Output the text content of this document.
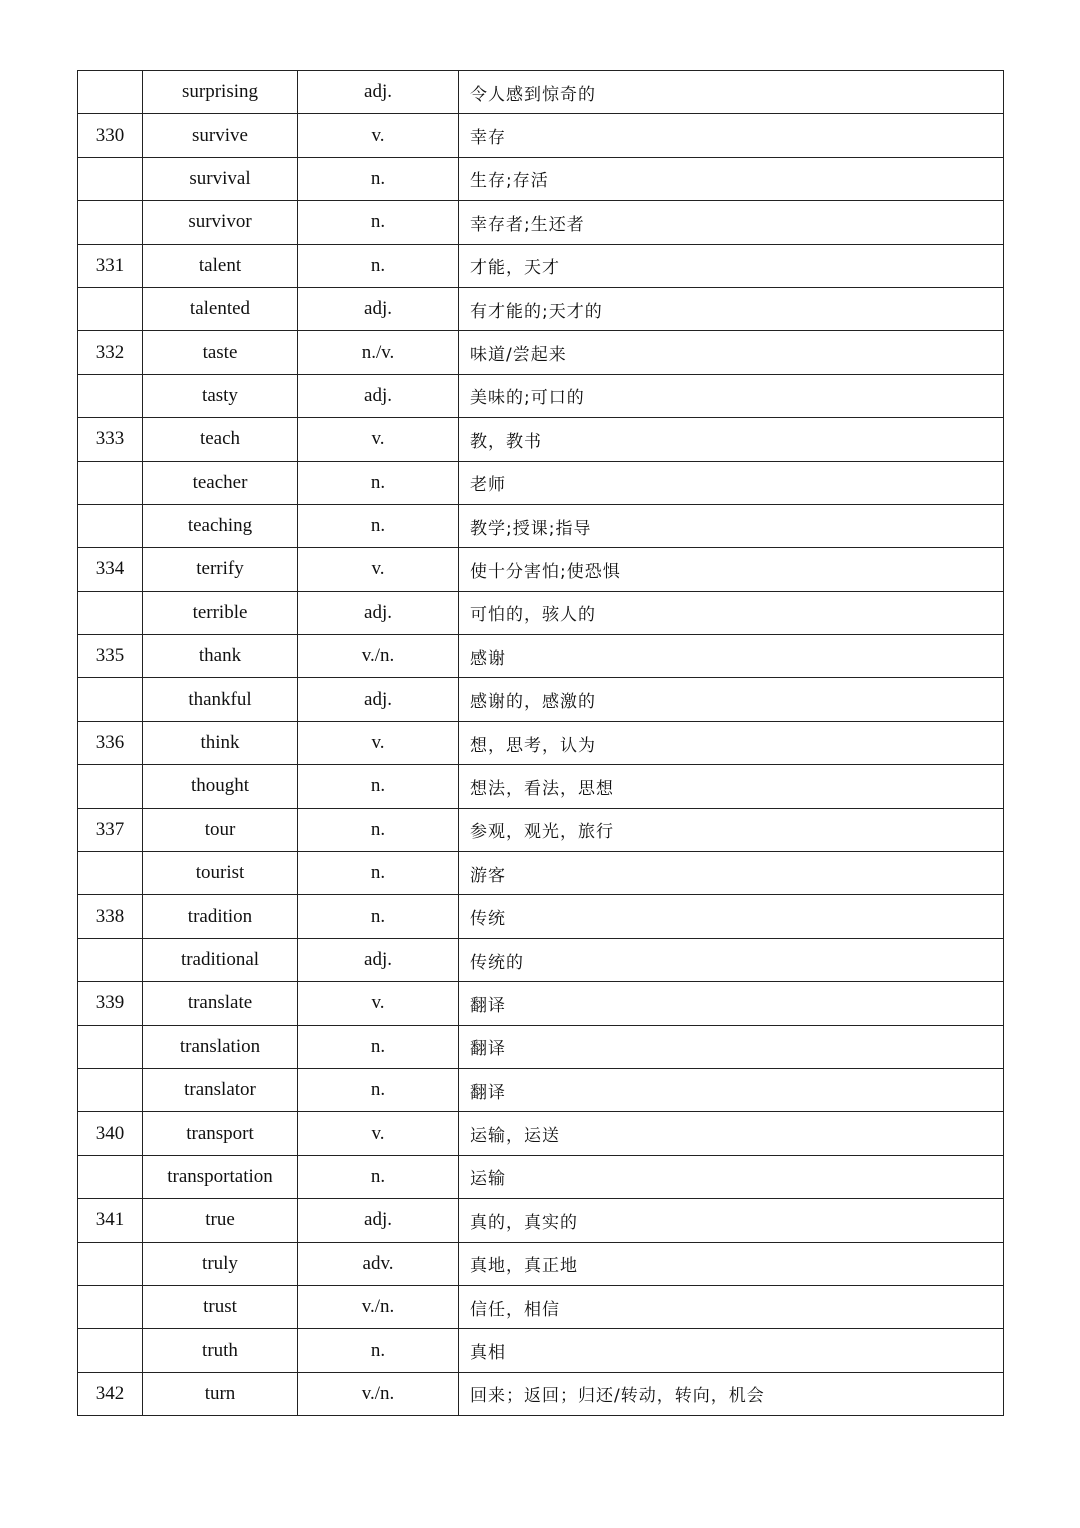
	surprising	adj.	令人感到惊奇的
330	survive	v.	幸存
	survival	n.	生存;存活
	survivor	n.	幸存者;生还者
331	talent	n.	才能，天才
	talented	adj.	有才能的;天才的
332	taste	n./v.	味道/尝起来
	tasty	adj.	美味的;可口的
333	teach	v.	教，教书
	teacher	n.	老师
	teaching	n.	教学;授课;指导
334	terrify	v.	使十分害怕;使恐惧
	terrible	adj.	可怕的，骇人的
335	thank	v./n.	感谢
	thankful	adj.	感谢的，感激的
336	think	v.	想，思考，认为
	thought	n.	想法，看法，思想
337	tour	n.	参观，观光，旅行
	tourist	n.	游客
338	tradition	n.	传统
	traditional	adj.	传统的
339	translate	v.	翻译
	translation	n.	翻译
	translator	n.	翻译
340	transport	v.	运输，运送
	transportation	n.	运输
341	true	adj.	真的，真实的
	truly	adv.	真地，真正地
	trust	v./n.	信任，相信
	truth	n.	真相
342	turn	v./n.	回来；返回；归还/转动，转向，机会
